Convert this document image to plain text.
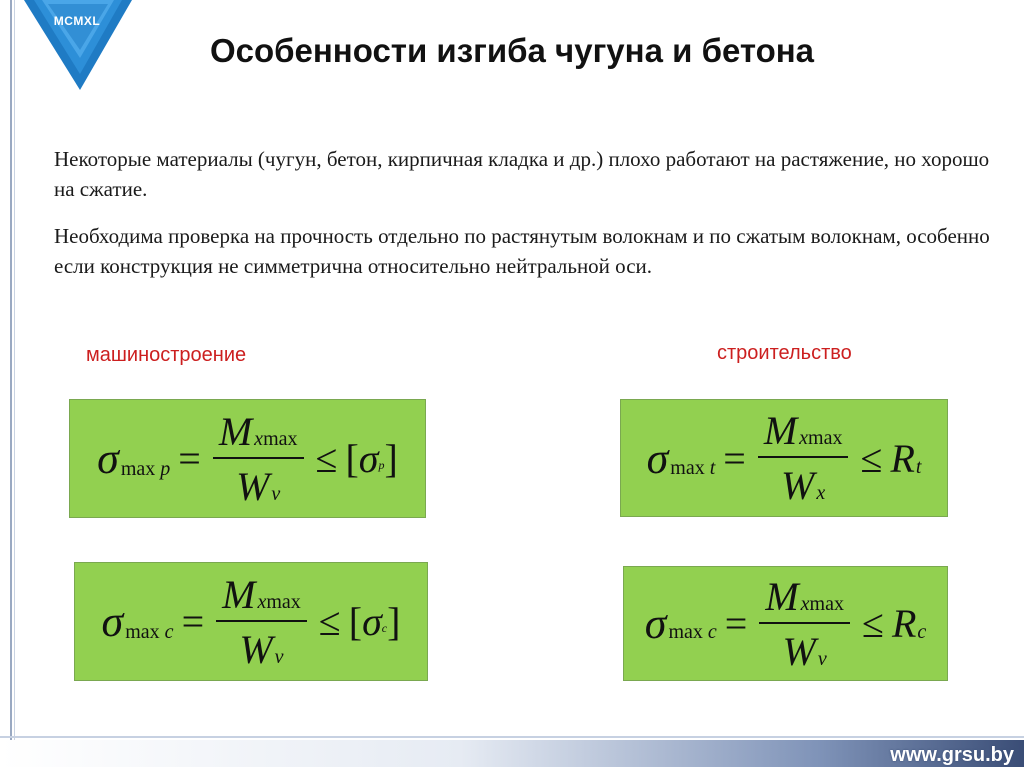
MCMXL
Особенности изгиба чугуна и бетона
Некоторые материалы (чугун, бетон, кирпичная кладка и др.) плохо работают на растяжение, но хорошо на сжатие.
Необходима проверка на прочность отдельно по растянутым волокнам и по сжатым волокнам, особенно если конструкция не симметрична относительно нейтральной оси.
машиностроение	строительство
σ $\max p = \frac{\text{M xmax}}{\text{W v}}$ ≤ [ σ p ]	σ $\max t = \frac{\text{M xmax}}{\text{W x}} \le R$ t
σ $\max c = \frac{\text{M xmax}}{\text{W v}}$ ≤ [ σ c ]	σ $\max c = \frac{\text{M xmax}}{\text{W v}} \le R$ c
www.grsu.by
